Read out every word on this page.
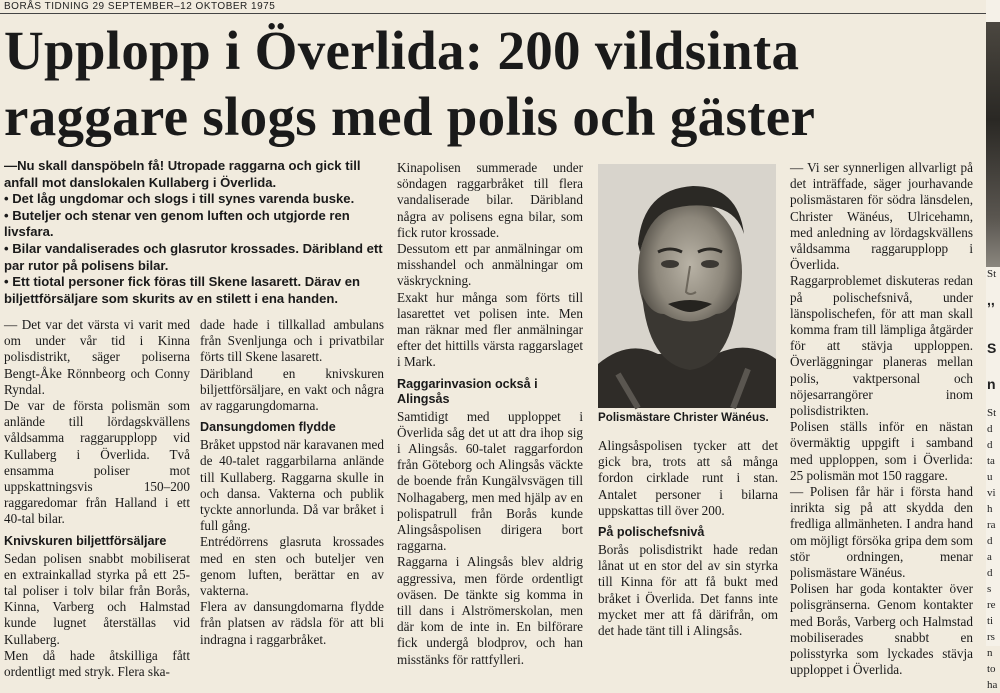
BORÅS TIDNING 29 SEPTEMBER–12 OKTOBER 1975
Upplopp i Överlida: 200 vildsinta
raggare slogs med polis och gäster
—Nu skall danspöbeln få! Utropade raggarna och gick till anfall mot danslokalen Kullaberg i Överlida.
• Det låg ungdomar och slogs i till synes varenda buske.
• Buteljer och stenar ven genom luften och utgjorde ren livsfara.
• Bilar vandaliserades och glasrutor krossades. Däribland ett par rutor på polisens bilar.
• Ett tiotal personer fick föras till Skene lasarett. Därav en biljettförsäljare som skurits av en stilett i ena handen.

— Det var det värsta vi varit med om under vår tid i Kinna polisdistrikt, säger poliserna Bengt-Åke Rönnbeorg och Conny Ryndal.

De var de första polismän som anlände till lördagskvällens våldsamma raggarupplopp vid Kullaberg i Överlida. Två ensamma poliser mot uppskattningsvis 150–200 raggaredomar från Halland i ett 40-tal bilar.

Knivskuren biljettförsäljare

Sedan polisen snabbt mobiliserat en extrainkallad styrka på ett 25-tal poliser i tolv bilar från Borås, Kinna, Varberg och Halmstad kunde lugnet återställas vid Kullaberg.

Men då hade åtskilliga fått ordentligt med stryk. Flera ska-

dade hade i tillkallad ambulans från Svenljunga och i privatbilar förts till Skene lasarett.

Däribland en knivskuren biljettförsäljare, en vakt och några av raggarungdomarna.

Dansungdomen flydde

Bråket uppstod när karavanen med de 40-talet raggarbilarna anlände till Kullaberg. Raggarna skulle in och dansa. Vakterna och publik tyckte annorlunda. Då var bråket i full gång.

Entrédörrens glasruta krossades med en sten och buteljer ven genom luften, berättar en av vakterna.

Flera av dansungdomarna flydde från platsen av rädsla för att bli indragna i raggarbråket.

Kinapolisen summerade under söndagen raggarbråket till flera vandaliserade bilar. Däribland några av polisens egna bilar, som fick rutor krossade.

Dessutom ett par anmälningar om misshandel och anmälningar om väskryckning.

Exakt hur många som förts till lasarettet vet polisen inte. Men man räknar med fler anmälningar efter det hittills värsta raggarslaget i Mark.

Raggarinvasion också i Alingsås

Samtidigt med upploppet i Överlida såg det ut att dra ihop sig i Alingsås. 60-talet raggarfordon från Göteborg och Alingsås väckte de boende från Kungälvsvägen till Nolhagaberg, men med hjälp av en polispatrull från Borås kunde Alingsåspolisen dirigera bort raggarna.

Raggarna i Alingsås blev aldrig aggressiva, men förde ordentligt oväsen. De tänkte sig komma in till dans i Alströmerskolan, men där kom de inte in. En bilförare fick undergå blodprov, och han misstänks för rattfylleri.

Polismästare Christer Wänéus.

Alingsåspolisen tycker att det gick bra, trots att så många fordon cirklade runt i stan. Antalet personer i bilarna uppskattas till över 200.

På polischefsnivå

Borås polisdistrikt hade redan lånat ut en stor del av sin styrka till Kinna för att få bukt med bråket i Överlida. Det fanns inte mycket mer att få därifrån, om det hade tänt till i Alingsås.

— Vi ser synnerligen allvarligt på det inträffade, säger jourhavande polismästaren för södra länsdelen, Christer Wänéus, Ulricehamn, med anledning av lördagskvällens våldsamma raggarupplopp i Överlida.

Raggarproblemet diskuteras redan på polischefsnivå, under länspolischefen, för att man skall komma fram till lämpliga åtgärder för att stävja upploppen. Överläggningar planeras mellan polis, vaktpersonal och nöjesarrangörer inom polisdistrikten.

Polisen ställs inför en nästan övermäktig uppgift i samband med upploppen, som i Överlida: 25 polismän mot 150 raggare.

— Polisen får här i första hand inrikta sig på att skydda den fredliga allmänheten. I andra hand om möjligt försöka gripa dem som stör ordningen, menar polismästare Wänéus.

Polisen har goda kontakter över polisgränserna. Genom kontakter med Borås, Varberg och Halmstad mobiliserades snabbt en polisstyrka som lyckades stävja upploppet i Överlida.

St
,,
S
n
St
d
d
ta
u
vi
h
ra
d
a
d
s
re
ti
rs
n
to
ha
